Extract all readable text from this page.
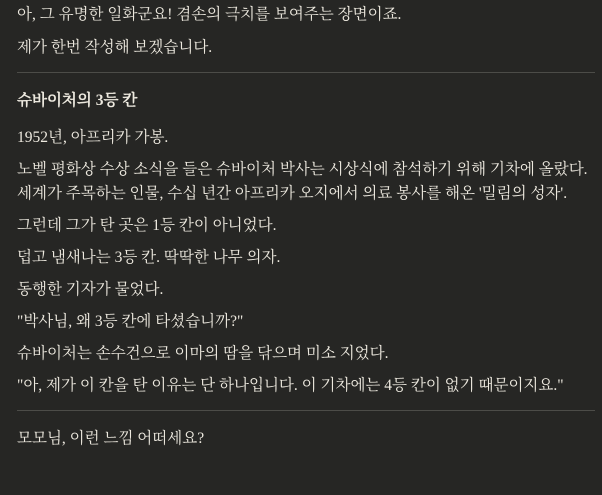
아, 그 유명한 일화군요! 겸손의 극치를 보여주는 장면이죠.

제가 한번 작성해 보겠습니다.

슈바이처의 3등 칸

1952년, 아프리카 가봉.

노벨 평화상 수상 소식을 들은 슈바이처 박사는 시상식에 참석하기 위해 기차에 올랐다. 세계가 주목하는 인물, 수십 년간 아프리카 오지에서 의료 봉사를 해온 '밀림의 성자'.

그런데 그가 탄 곳은 1등 칸이 아니었다.

덥고 냄새나는 3등 칸. 딱딱한 나무 의자.

동행한 기자가 물었다.

"박사님, 왜 3등 칸에 타셨습니까?"

슈바이처는 손수건으로 이마의 땀을 닦으며 미소 지었다.

"아, 제가 이 칸을 탄 이유는 단 하나입니다. 이 기차에는 4등 칸이 없기 때문이지요."

모모님, 이런 느낌 어떠세요?
